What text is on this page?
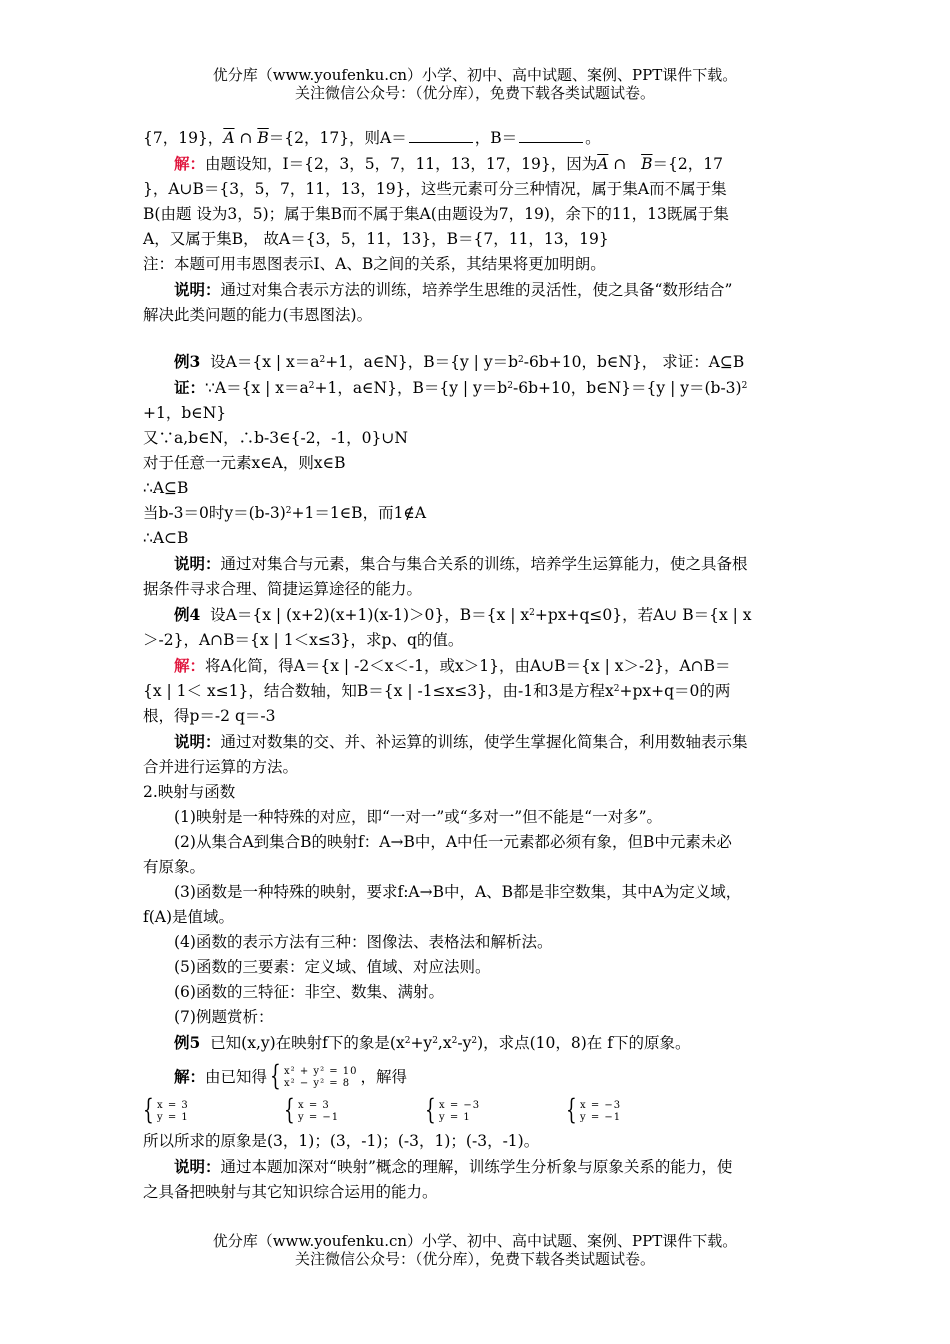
优分库（www.youfenku.cn）小学、初中、高中试题、案例、PPT课件下载。
关注微信公众号：（优分库），免费下载各类试题试卷。
{7，19}，$\overline{A}$ ∩ $\overline{B}=\{2$，17}，则A＝	，B＝	。
解：由题设知，I＝{2，3，5，7，11，13，17，19}，因为$\overline{A}$ ∩   $\overline{B}=\{2$，17
}，A∪B＝{3，5，7，11，13，19}，这些元素可分三种情况，属于集A而不属于集
B(由题 设为3，5)；属于集B而不属于集A(由题设为7，19)，余下的11，13既属于集
A，又属于集B， 故A＝{3，5，11，13}，B＝{7，11，13，19}
注：本题可用韦恩图表示I、A、B之间的关系，其结果将更加明朗。
说明：通过对集合表示方法的训练，培养学生思维的灵活性，使之具备“数形结合”
解决此类问题的能力(韦恩图法)。
例3 设A＝{x | $x=a^2+1$，a∈N}，B＝{y | $y=b^2-6b+10$，b∈N}， 求证：A⊆B
证：∵A＝{x | $x=a^2+1$，a∈N}，B＝{y | $y=b^2-6b+10$，b∈N}＝{y | $y=(b-3)^2$
+1，b∈N}
又∵a,b∈N，∴b-3∈{-2，-1，0}∪N
对于任意一元素x∈A，则x∈B
∴A⊆B
当b-3＝0时$y=(b-3)^2+1=1\in B$，而1∉A
∴A⊂B
说明：通过对集合与元素，集合与集合关系的训练，培养学生运算能力，使之具备根
据条件寻求合理、简捷运算途径的能力。
例4 设A＝{x | (x+2)(x+1)(x-1)＞0}，B＝{x | $x^2+px+q\le 0$}，若A∪ B＝{x | x
＞-2}，A∩B＝{x | 1＜x≤3}，求p、q的值。
解：将A化简，得A＝{x | -2＜x＜-1，或x＞1}，由A∪B＝{x | x＞-2}，A∩B＝
{x | 1＜ x≤1}，结合数轴，知B＝{x | -1≤x≤3}，由-1和3是方程$x^2+px+q=0$的两
根，得p＝-2 q＝-3
说明：通过对数集的交、并、补运算的训练，使学生掌握化简集合，利用数轴表示集
合并进行运算的方法。
2.映射与函数
(1)映射是一种特殊的对应，即“一对一”或“多对一”但不能是“一对多”。
(2)从集合A到集合B的映射f：A→B中，A中任一元素都必须有象，但B中元素未必
有原象。
(3)函数是一种特殊的映射，要求f:A→B中，A、B都是非空数集，其中A为定义域，
f(A)是值域。
(4)函数的表示方法有三种：图像法、表格法和解析法。
(5)函数的三要素：定义域、值域、对应法则。
(6)函数的三特征：非空、数集、满射。
(7)例题赏析：
例5 已知(x,y)在映射f下的象是$(x^2+y^2,x^2-y^2)$，求点(10，8)在 f下的原象。
解：由已知得 { x² + y² = 10
x² − y² = 8 ，解得
{ x = 3
y = 1	{ x = 3
y = −1	{ x = −3
y = 1	{ x = −3
y = −1
所以所求的原象是(3，1)；(3，-1)；(-3，1)；(-3，-1)。
说明：通过本题加深对“映射”概念的理解，训练学生分析象与原象关系的能力，使
之具备把映射与其它知识综合运用的能力。
优分库（www.youfenku.cn）小学、初中、高中试题、案例、PPT课件下载。
关注微信公众号：（优分库），免费下载各类试题试卷。
